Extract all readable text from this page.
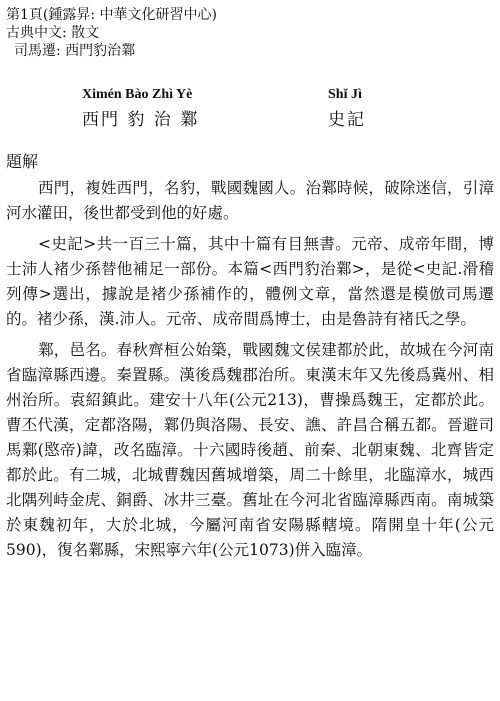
第1頁(鍾露昇: 中華文化研習中心)
古典中文: 散文
司馬遷: 西門豹治鄴
Ximén Bào Zhì Yè
西門 豹 治 鄴
Shǐ Jì
史記
題解

西門，複姓西門，名豹，戰國魏國人。治鄴時候，破除迷信，引漳河水灌田，後世都受到他的好處。

<史記>共一百三十篇，其中十篇有目無書。元帝、成帝年間，博士沛人褚少孫替他補足一部份。本篇<西門豹治鄴>，是從<史記.滑稽列傳>選出，據說是褚少孫補作的，體例文章，當然還是模倣司馬遷的。褚少孫，漢.沛人。元帝、成帝間爲博士，由是魯詩有褚氏之學。

鄴，邑名。春秋齊桓公始築，戰國魏文侯建都於此，故城在今河南省臨漳縣西邊。秦置縣。漢後爲魏郡治所。東漢末年又先後爲冀州、相州治所。袁紹鎮此。建安十八年(公元213)，曹操爲魏王，定都於此。曹丕代漢，定都洛陽，鄴仍與洛陽、長安、譙、許昌合稱五都。晉避司馬鄴(愍帝)諱，改名臨漳。十六國時後趙、前秦、北朝東魏、北齊皆定都於此。有二城，北城曹魏因舊城增築，周二十餘里，北臨漳水，城西北隅列峙金虎、銅爵、冰井三臺。舊址在今河北省臨漳縣西南。南城築於東魏初年，大於北城，今屬河南省安陽縣轄境。隋開皇十年(公元590)，復名鄴縣，宋熙寧六年(公元1073)併入臨漳。
